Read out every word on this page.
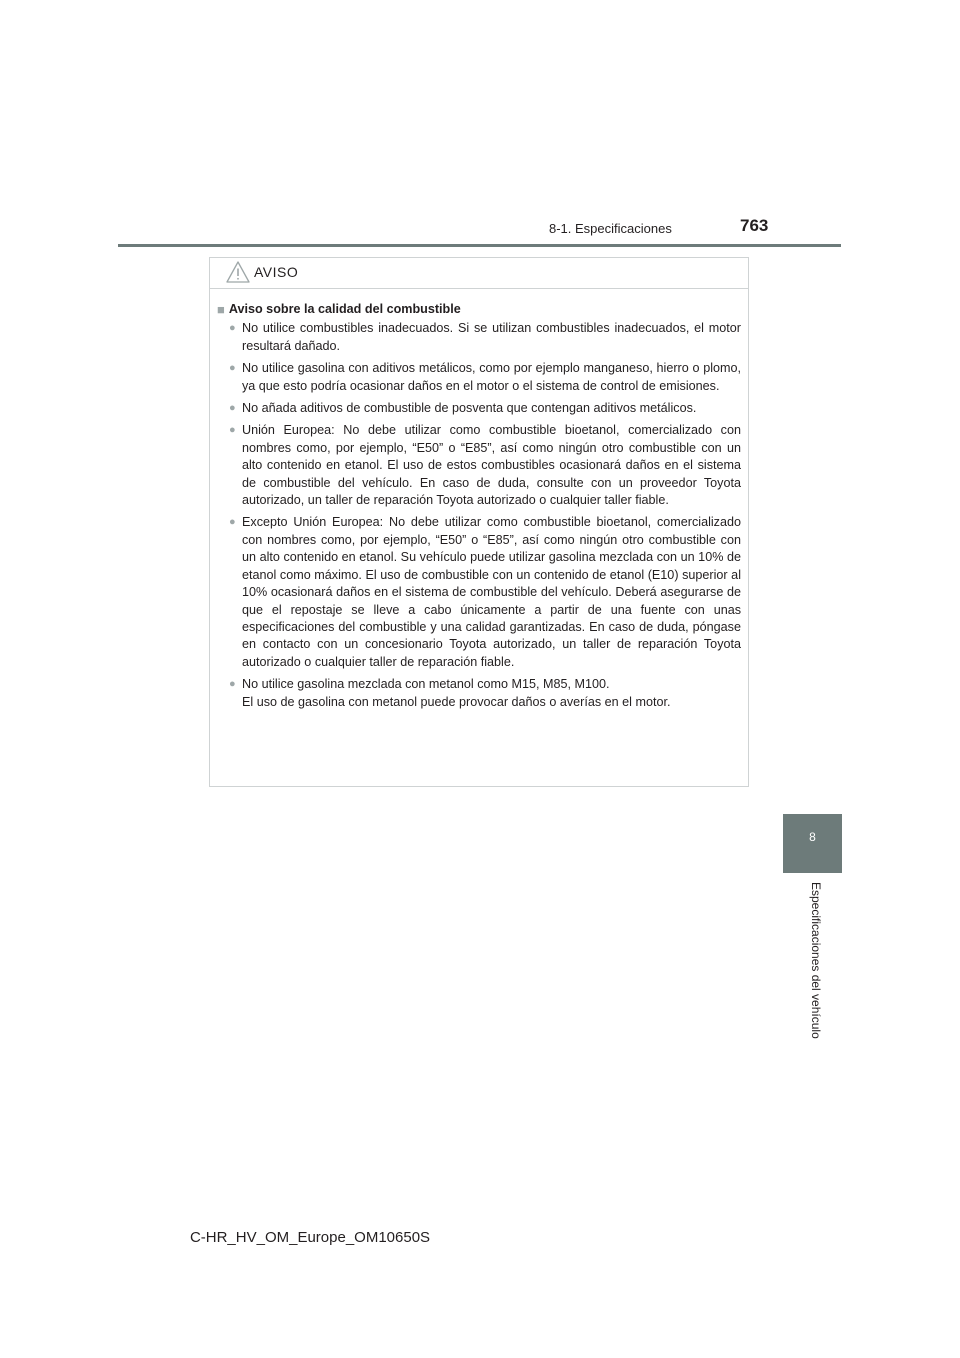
8-1. Especificaciones	763
8
Especificaciones del vehículo
AVISO
■ Aviso sobre la calidad del combustible
● No utilice combustibles inadecuados. Si se utilizan combustibles inadecuados, el motor resultará dañado.
● No utilice gasolina con aditivos metálicos, como por ejemplo manganeso, hierro o plomo, ya que esto podría ocasionar daños en el motor o el sistema de control de emisiones.
● No añada aditivos de combustible de posventa que contengan aditivos metálicos.
● Unión Europea: No debe utilizar como combustible bioetanol, comercializado con nombres como, por ejemplo, “E50” o “E85”, así como ningún otro combustible con un alto contenido en etanol. El uso de estos combustibles ocasionará daños en el sistema de combustible del vehículo. En caso de duda, consulte con un proveedor Toyota autorizado, un taller de reparación Toyota autorizado o cualquier taller fiable.
● Excepto Unión Europea: No debe utilizar como combustible bioetanol, comercializado con nombres como, por ejemplo, “E50” o “E85”, así como ningún otro combustible con un alto contenido en etanol. Su vehículo puede utilizar gasolina mezclada con un 10% de etanol como máximo. El uso de combustible con un contenido de etanol (E10) superior al 10% ocasionará daños en el sistema de combustible del vehículo. Deberá asegurarse de que el repostaje se lleve a cabo únicamente a partir de una fuente con unas especificaciones del combustible y una calidad garantizadas. En caso de duda, póngase en contacto con un concesionario Toyota autorizado, un taller de reparación Toyota autorizado o cualquier taller de reparación fiable.
● No utilice gasolina mezclada con metanol como M15, M85, M100.
El uso de gasolina con metanol puede provocar daños o averías en el motor.
C-HR_HV_OM_Europe_OM10650S
